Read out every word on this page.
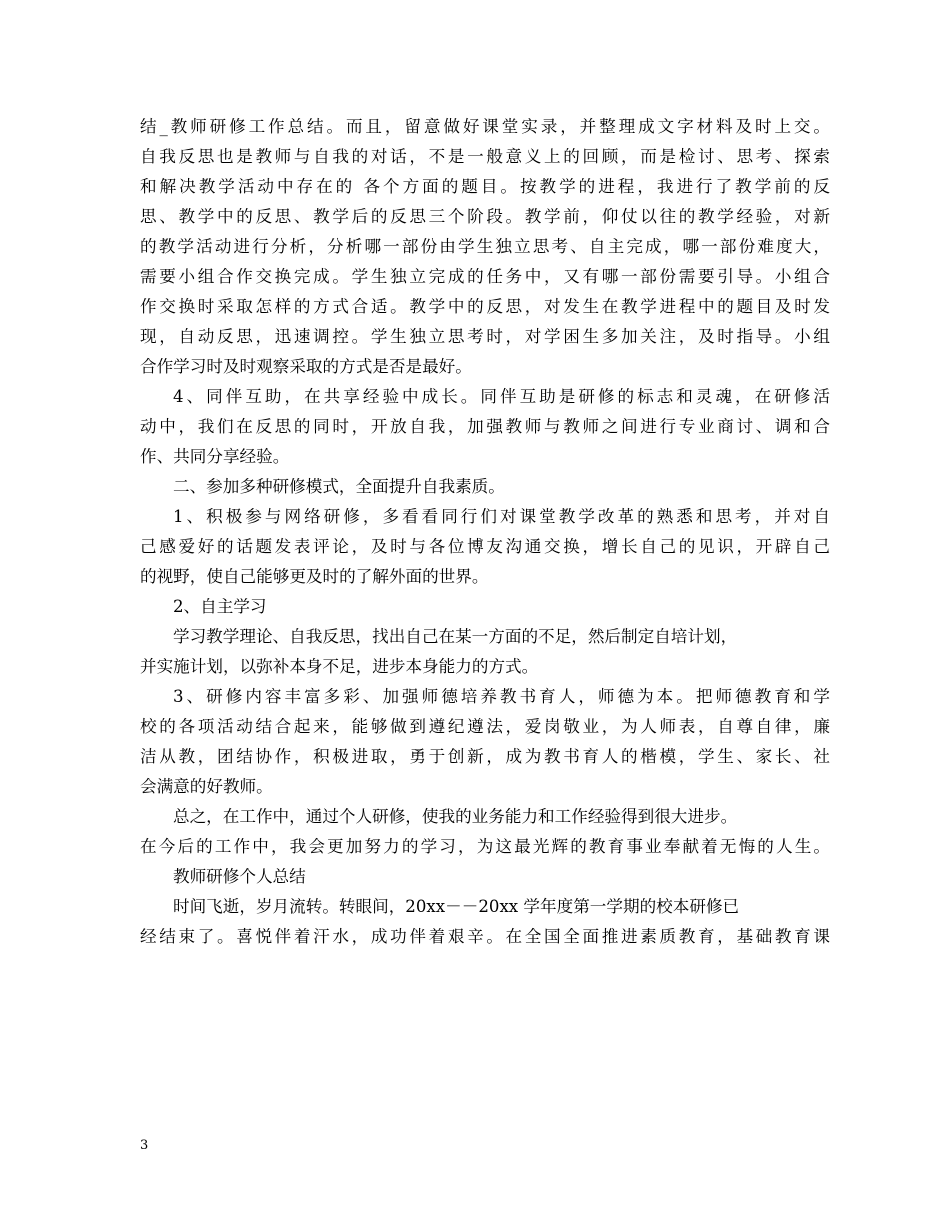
结_教师研修工作总结。而且，留意做好课堂实录，并整理成文字材料及时上交。
自我反思也是教师与自我的对话，不是一般意义上的回顾，而是检讨、思考、探索
和解决教学活动中存在的 各个方面的题目。按教学的进程，我进行了教学前的反
思、教学中的反思、教学后的反思三个阶段。教学前，仰仗以往的教学经验，对新
的教学活动进行分析，分析哪一部份由学生独立思考、自主完成，哪一部份难度大，
需要小组合作交换完成。学生独立完成的任务中，又有哪一部份需要引导。小组合
作交换时采取怎样的方式合适。教学中的反思，对发生在教学进程中的题目及时发
现，自动反思，迅速调控。学生独立思考时，对学困生多加关注，及时指导。小组
合作学习时及时观察采取的方式是否是最好。
4、同伴互助，在共享经验中成长。同伴互助是研修的标志和灵魂，在研修活
动中，我们在反思的同时，开放自我，加强教师与教师之间进行专业商讨、调和合
作、共同分享经验。
二、参加多种研修模式，全面提升自我素质。
1、积极参与网络研修，多看看同行们对课堂教学改革的熟悉和思考，并对自
己感爱好的话题发表评论，及时与各位博友沟通交换，增长自己的见识，开辟自己
的视野，使自己能够更及时的了解外面的世界。
2、自主学习
学习教学理论、自我反思，找出自己在某一方面的不足，然后制定自培计划，
并实施计划，以弥补本身不足，进步本身能力的方式。
3、研修内容丰富多彩、加强师德培养教书育人，师德为本。把师德教育和学
校的各项活动结合起来，能够做到遵纪遵法，爱岗敬业，为人师表，自尊自律，廉
洁从教，团结协作，积极进取，勇于创新，成为教书育人的楷模，学生、家长、社
会满意的好教师。
总之，在工作中，通过个人研修，使我的业务能力和工作经验得到很大进步。
在今后的工作中，我会更加努力的学习，为这最光辉的教育事业奉献着无悔的人生。
教师研修个人总结
时间飞逝，岁月流转。转眼间，20xx－－20xx 学年度第一学期的校本研修已
经结束了。喜悦伴着汗水，成功伴着艰辛。在全国全面推进素质教育，基础教育课
3
